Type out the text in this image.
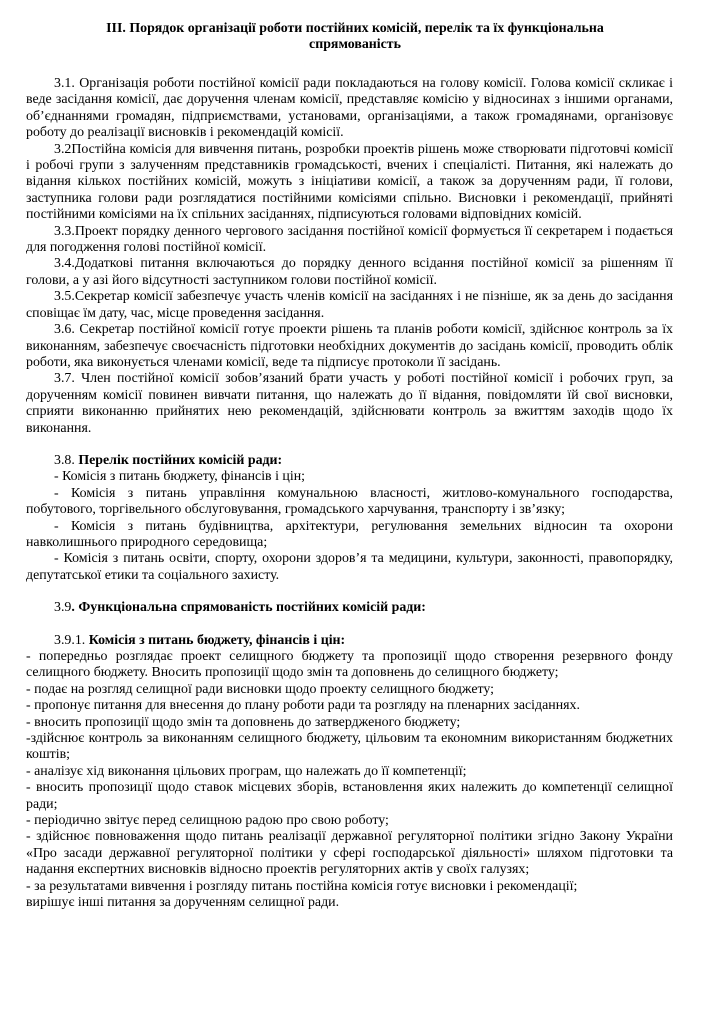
ІІІ. Порядок організації роботи постійних комісій, перелік та їх функціональна
спрямованість

3.1. Організація роботи постійної комісії ради покладаються на голову комісії. Голова комісії скликає і веде засідання комісії, дає доручення членам комісії, представляє комісію у відносинах з іншими органами, об’єднаннями громадян, підприємствами, установами, організаціями, а також громадянами, організовує роботу до реалізації висновків і рекомендацій комісії.

3.2Постійна комісія для вивчення питань, розробки проектів рішень може створювати підготовчі комісії і робочі групи з залученням представників громадськості, вчених і спеціалісті. Питання, які належать до відання кількох постійних комісій, можуть з ініціативи комісії, а також за дорученням ради, її голови, заступника голови ради розглядатися постійними комісіями спільно. Висновки і рекомендації, прийняті постійними комісіями на їх спільних засіданнях, підписуються головами відповідних комісій.

3.3.Проект порядку денного чергового засідання постійної комісії формується її секретарем і подається для погодження голові постійної комісії.

3.4.Додаткові питання включаються до порядку денного всідання постійної комісії за рішенням її голови, а у азі його відсутності заступником голови постійної комісії.

3.5.Секретар комісії забезпечує участь членів комісії на засіданнях і не пізніше, як за день до засідання сповіщає їм дату, час, місце проведення засідання.

3.6. Секретар постійної комісії готує проекти рішень та планів роботи комісії, здійснює контроль за їх виконанням, забезпечує своєчасність підготовки необхідних документів до засідань комісії, проводить облік роботи, яка виконується членами комісії, веде та підписує протоколи її засідань.

3.7. Член постійної комісії зобов’язаний брати участь у роботі постійної комісії і робочих груп, за дорученням комісії повинен вивчати питання, що належать до її відання, повідомляти їй свої висновки, сприяти виконанню прийнятих нею рекомендацій, здійснювати контроль за вжиттям заходів щодо їх виконання.

3.8. Перелік постійних комісій ради:

- Комісія з питань бюджету, фінансів і цін;

- Комісія з питань управління комунальною власності, житлово-комунального господарства, побутового, торгівельного обслуговування, громадського харчування, транспорту і зв’язку;

- Комісія з питань будівництва, архітектури, регулювання земельних відносин та охорони навколишнього природного середовища;

- Комісія з питань освіти, спорту, охорони здоров’я та медицини, культури, законності, правопорядку, депутатської етики та соціального захисту.

3.9. Функціональна спрямованість постійних комісій ради:

3.9.1. Комісія з питань бюджету, фінансів і цін:

- попередньо розглядає проект селищного бюджету та пропозиції щодо створення резервного фонду селищного бюджету. Вносить пропозиції щодо змін та доповнень до селищного бюджету;

- подає на розгляд селищної ради висновки щодо проекту селищного бюджету;

- пропонує питання для внесення до плану роботи ради та розгляду на пленарних засіданнях.

- вносить пропозиції щодо змін та доповнень до затвердженого бюджету;

-здійснює контроль за виконанням селищного бюджету, цільовим та економним використанням бюджетних коштів;

- аналізує хід виконання цільових програм, що належать до її компетенції;

- вносить пропозиції щодо ставок місцевих зборів, встановлення яких належить до компетенції селищної ради;

- періодично звітує перед селищною радою про свою роботу;

- здійснює повноваження щодо питань реалізації державної регуляторної політики згідно Закону України «Про засади державної регуляторної політики у сфері господарської діяльності» шляхом підготовки та надання експертних висновків відносно проектів регуляторних актів у своїх галузях;

- за результатами вивчення і розгляду питань постійна комісія готує висновки і рекомендації;

вирішує інші питання за дорученням селищної ради.
